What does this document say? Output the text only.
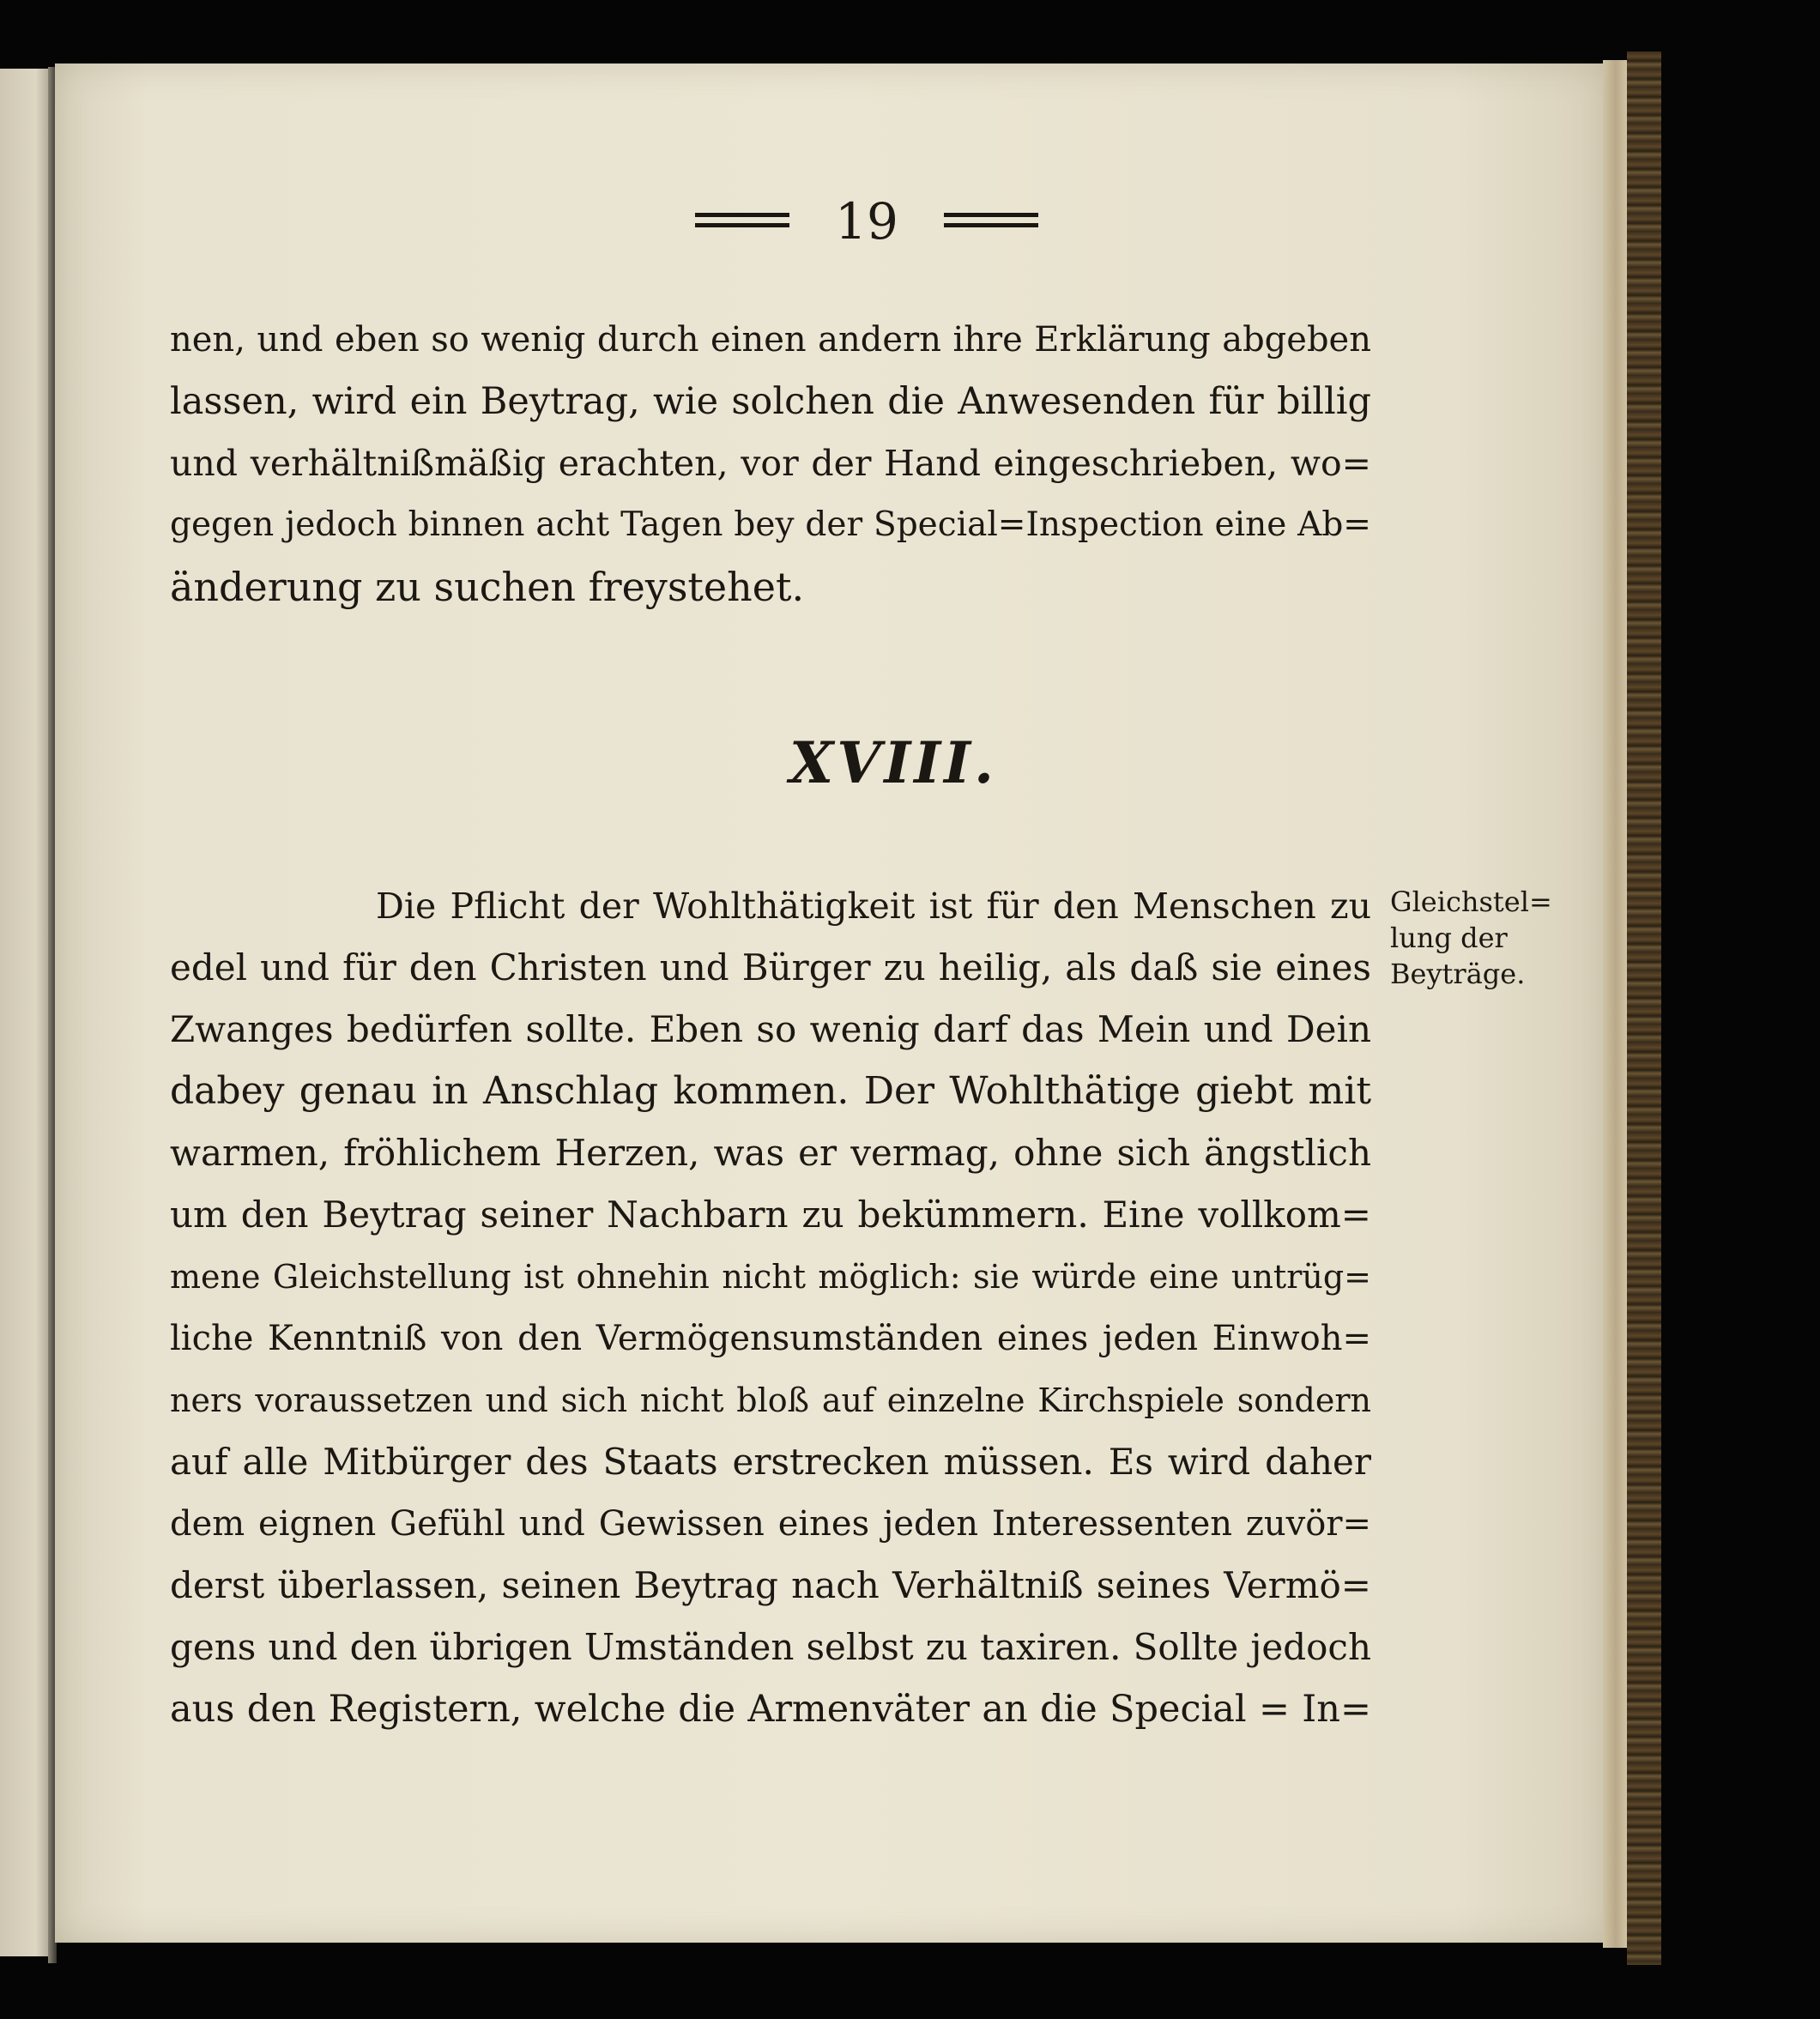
19
nen, und eben so wenig durch einen andern ihre Erklärung abgeben
lassen, wird ein Beytrag, wie solchen die Anwesenden für billig
und verhältnißmäßig erachten, vor der Hand eingeschrieben, wo=
gegen jedoch binnen acht Tagen bey der Special=Inspection eine Ab=
änderung zu suchen freystehet.
XVIII.
Die Pflicht der Wohlthätigkeit ist für den Menschen zu
edel und für den Christen und Bürger zu heilig, als daß sie eines
Zwanges bedürfen sollte. Eben so wenig darf das Mein und Dein
dabey genau in Anschlag kommen. Der Wohlthätige giebt mit
warmen, fröhlichem Herzen, was er vermag, ohne sich ängstlich
um den Beytrag seiner Nachbarn zu bekümmern. Eine vollkom=
mene Gleichstellung ist ohnehin nicht möglich: sie würde eine untrüg=
liche Kenntniß von den Vermögensumständen eines jeden Einwoh=
ners voraussetzen und sich nicht bloß auf einzelne Kirchspiele sondern
auf alle Mitbürger des Staats erstrecken müssen. Es wird daher
dem eignen Gefühl und Gewissen eines jeden Interessenten zuvör=
derst überlassen, seinen Beytrag nach Verhältniß seines Vermö=
gens und den übrigen Umständen selbst zu taxiren. Sollte jedoch
aus den Registern, welche die Armenväter an die Special = In=
Gleichstel=
lung der
Beyträge.
